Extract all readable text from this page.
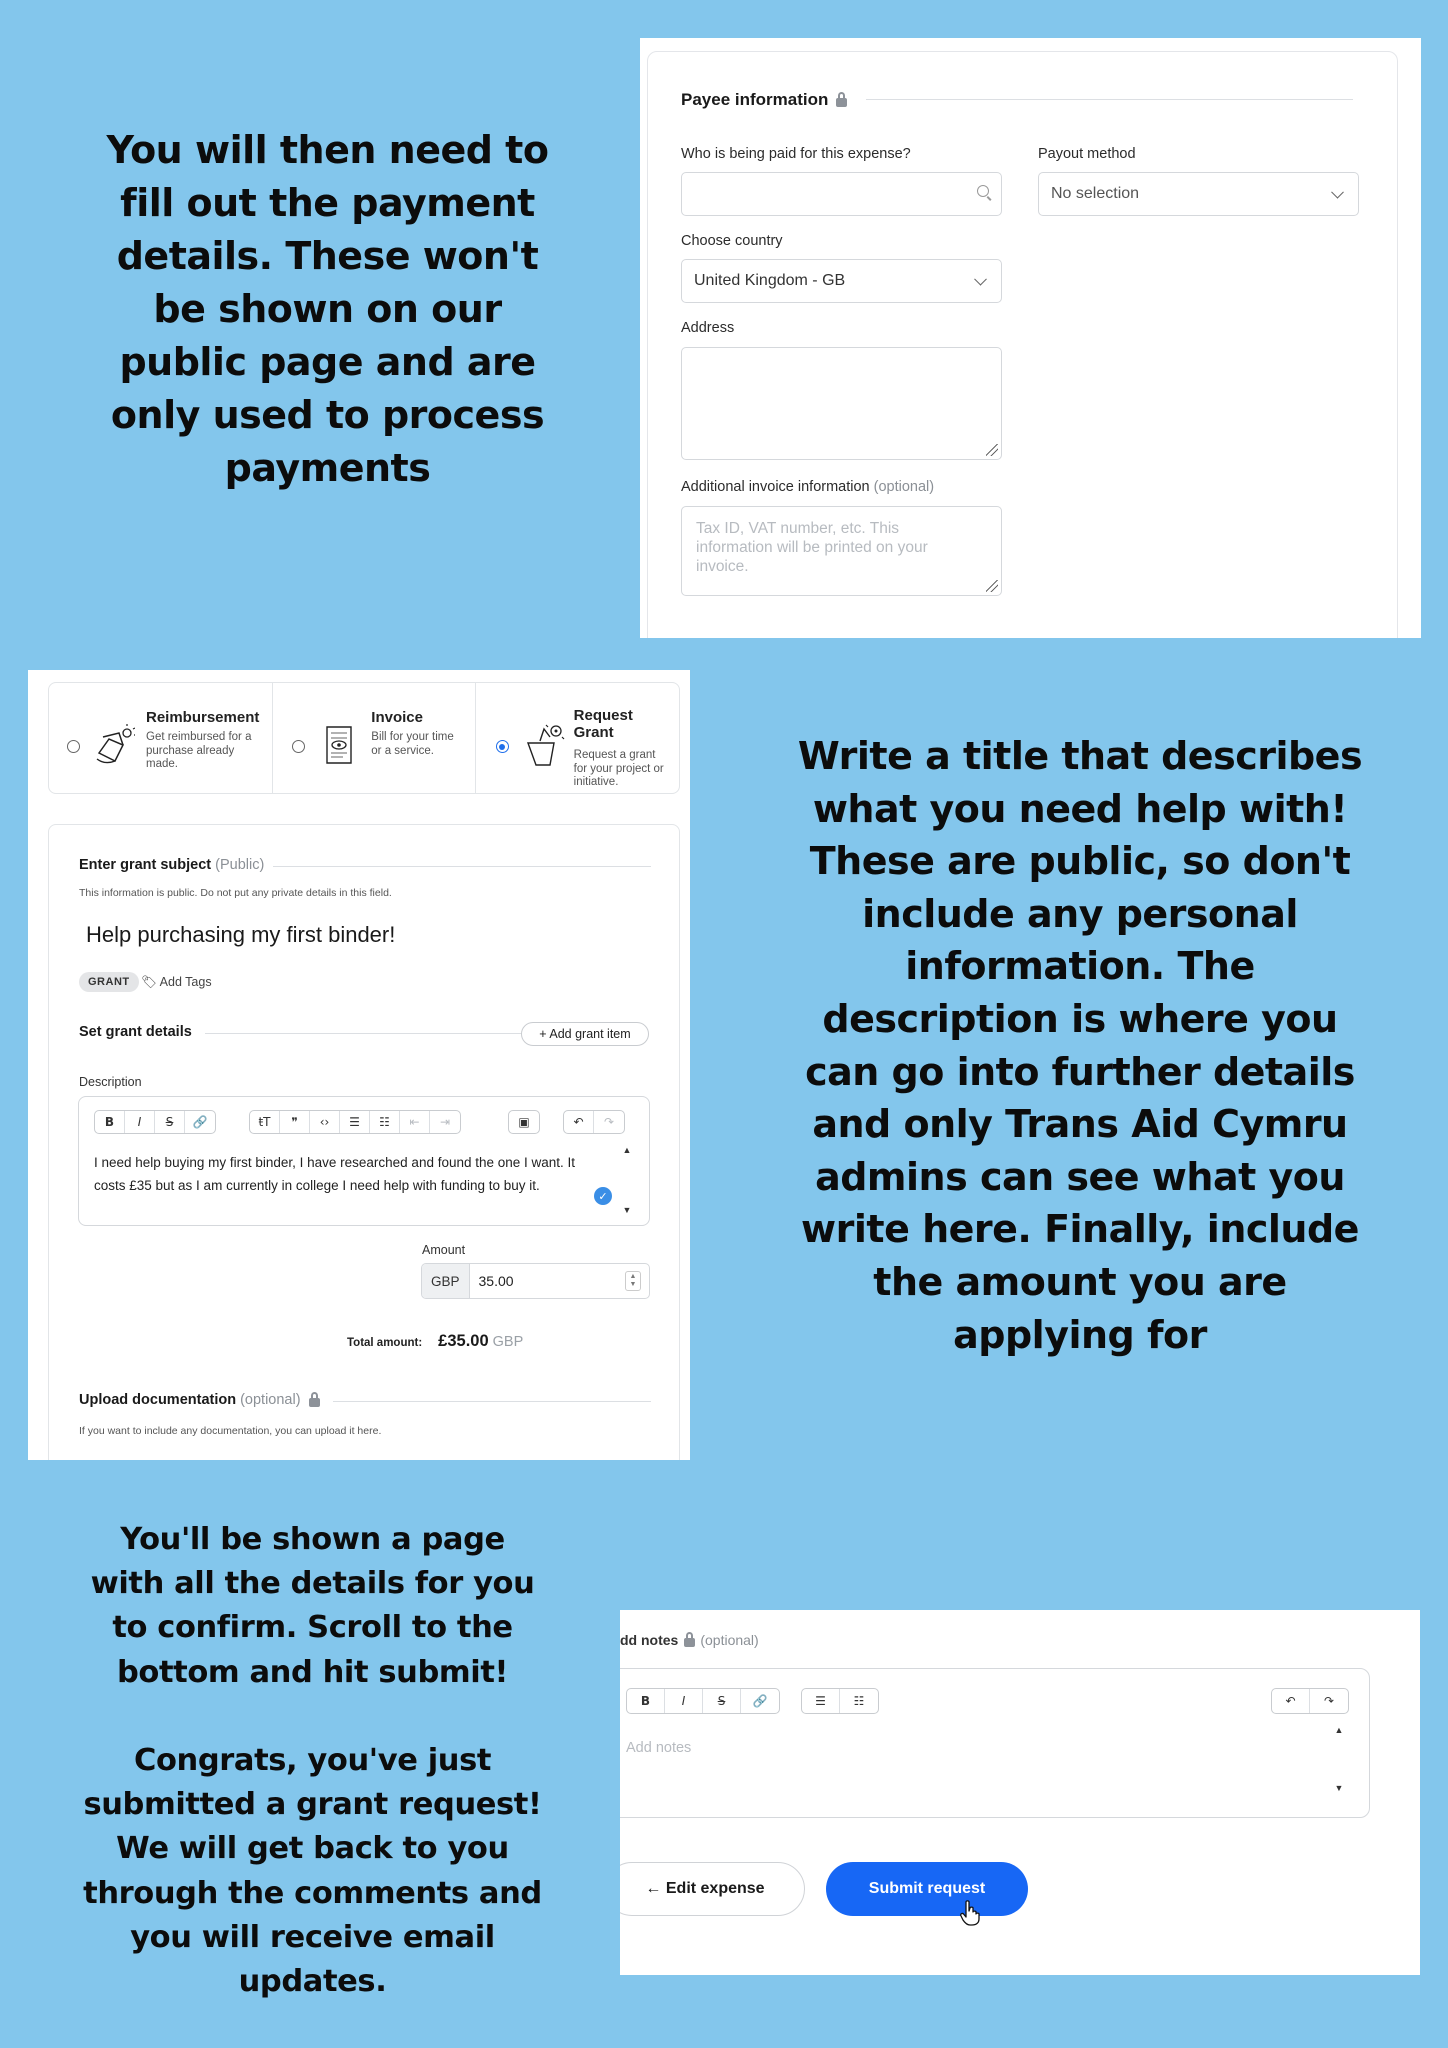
You will then need to
fill out the payment
details. These won't
be shown on our
public page and are
only used to process
payments

Write a title that describes
what you need help with!
These are public, so don't
include any personal
information. The
description is where you
can go into further details
and only Trans Aid Cymru
admins can see what you
write here. Finally, include
the amount you are
applying for

You'll be shown a page
with all the details for you
to confirm. Scroll to the
bottom and hit submit!

Congrats, you've just
submitted a grant request!
We will get back to you
through the comments and
you will receive email
updates.

Payee information
Who is being paid for this expense?	Payout method
No selection
Choose country
United Kingdom - GB
Address
Additional invoice information (optional)
Tax ID, VAT number, etc. This information will be printed on your invoice.
Reimbursement
Get reimbursed for a purchase already made.
Invoice
Bill for your time or a service.
Request Grant
Request a grant for your project or initiative.
Enter grant subject (Public)
This information is public. Do not put any private details in this field.
Help purchasing my first binder!
GRANT 🏷 Add Tags
Set grant details	+ Add grant item
Description
B	I	S	🔗	ŧT	❞	‹›	☰	☷	⇤	⇥	▣	↶	↷
I need help buying my first binder, I have researched and found the one I want. It costs £35 but as I am currently in college I need help with funding to buy it.
✓
▲
▼
Amount
GBP	35.00	▲
▼
Total amount: £35.00 GBP
Upload documentation (optional)
If you want to include any documentation, you can upload it here.
dd notes (optional)
B	I	S	🔗	☰	☷	↶	↷
Add notes
▲
▼
← Edit expense	Submit request
